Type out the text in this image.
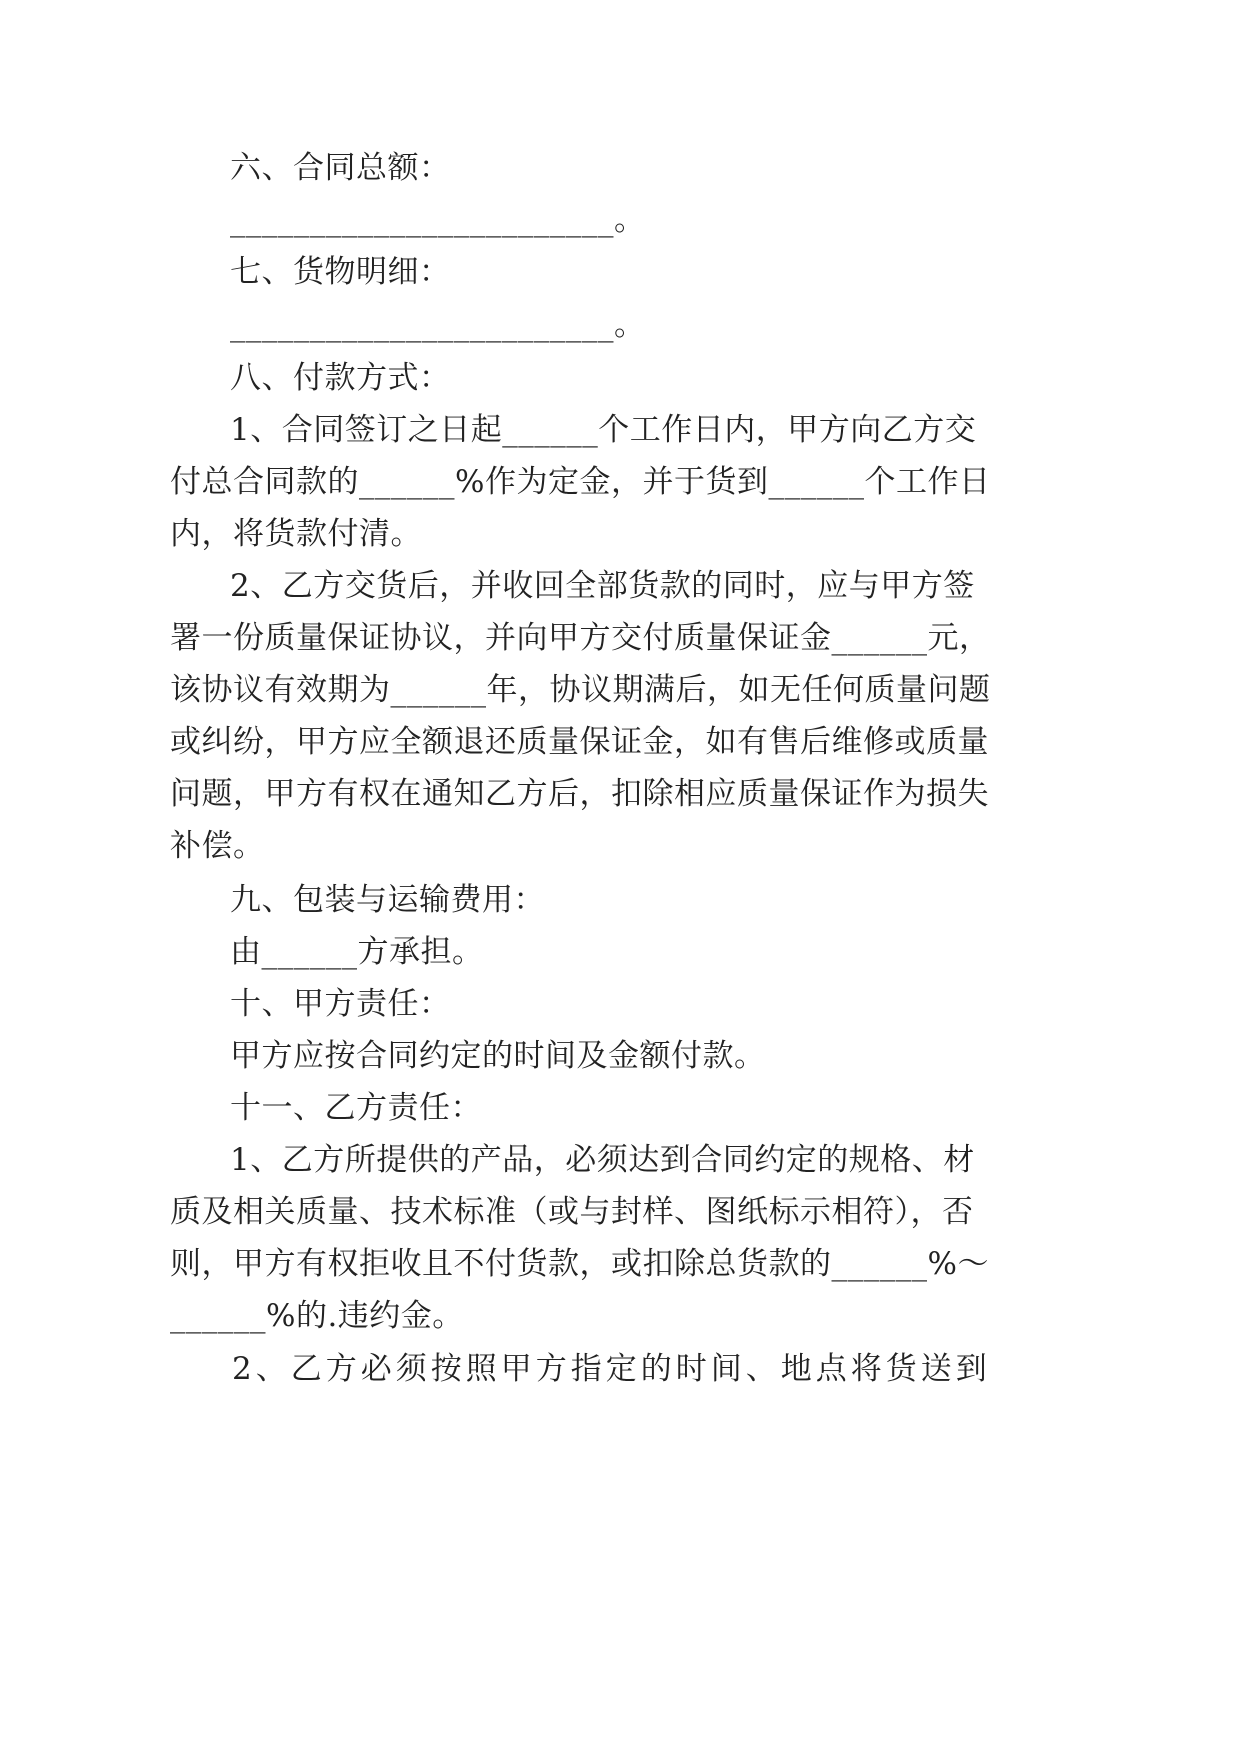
六、合同总额：
________________________。
七、货物明细：
________________________。
八、付款方式：
1、合同签订之日起______个工作日内，甲方向乙方交
付总合同款的______%作为定金，并于货到______个工作日
内，将货款付清。
2、乙方交货后，并收回全部货款的同时，应与甲方签
署一份质量保证协议，并向甲方交付质量保证金______元，
该协议有效期为______年，协议期满后，如无任何质量问题
或纠纷，甲方应全额退还质量保证金，如有售后维修或质量
问题，甲方有权在通知乙方后，扣除相应质量保证作为损失
补偿。
九、包装与运输费用：
由______方承担。
十、甲方责任：
甲方应按合同约定的时间及金额付款。
十一、乙方责任：
1、乙方所提供的产品，必须达到合同约定的规格、材
质及相关质量、技术标准（或与封样、图纸标示相符），否
则，甲方有权拒收且不付货款，或扣除总货款的______%～
______%的.违约金。
2、乙方必须按照甲方指定的时间、地点将货送到
